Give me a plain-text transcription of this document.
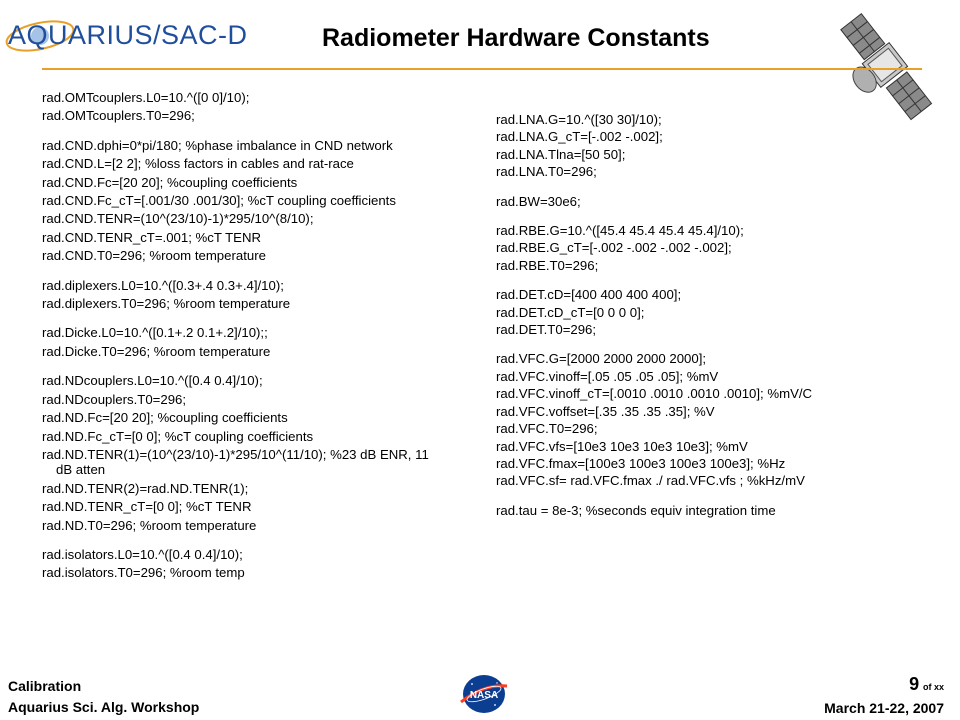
AQUARIUS/SAC-D	Radiometer Hardware Constants
rad.OMTcouplers.L0=10.^([0 0]/10);
rad.OMTcouplers.T0=296;
rad.CND.dphi=0*pi/180; %phase imbalance in CND network
rad.CND.L=[2 2]; %loss factors in cables and rat-race
rad.CND.Fc=[20 20]; %coupling coefficients
rad.CND.Fc_cT=[.001/30 .001/30]; %cT coupling coefficients
rad.CND.TENR=(10^(23/10)-1)*295/10^(8/10);
rad.CND.TENR_cT=.001; %cT TENR
rad.CND.T0=296; %room temperature
rad.diplexers.L0=10.^([0.3+.4 0.3+.4]/10);
rad.diplexers.T0=296; %room temperature
rad.Dicke.L0=10.^([0.1+.2 0.1+.2]/10);;
rad.Dicke.T0=296; %room temperature
rad.NDcouplers.L0=10.^([0.4 0.4]/10);
rad.NDcouplers.T0=296;
rad.ND.Fc=[20 20]; %coupling coefficients
rad.ND.Fc_cT=[0 0]; %cT coupling coefficients
rad.ND.TENR(1)=(10^(23/10)-1)*295/10^(11/10); %23 dB ENR, 11 dB atten
rad.ND.TENR(2)=rad.ND.TENR(1);
rad.ND.TENR_cT=[0 0]; %cT TENR
rad.ND.T0=296; %room temperature
rad.isolators.L0=10.^([0.4 0.4]/10);
rad.isolators.T0=296; %room temp
rad.LNA.G=10.^([30 30]/10);
rad.LNA.G_cT=[-.002 -.002];
rad.LNA.Tlna=[50 50];
rad.LNA.T0=296;
rad.BW=30e6;
rad.RBE.G=10.^([45.4 45.4 45.4 45.4]/10);
rad.RBE.G_cT=[-.002 -.002 -.002 -.002];
rad.RBE.T0=296;
rad.DET.cD=[400 400 400 400];
rad.DET.cD_cT=[0 0 0 0];
rad.DET.T0=296;
rad.VFC.G=[2000 2000 2000 2000];
rad.VFC.vinoff=[.05 .05 .05 .05]; %mV
rad.VFC.vinoff_cT=[.0010 .0010 .0010 .0010]; %mV/C
rad.VFC.voffset=[.35 .35 .35 .35]; %V
rad.VFC.T0=296;
rad.VFC.vfs=[10e3 10e3 10e3 10e3]; %mV
rad.VFC.fmax=[100e3 100e3 100e3 100e3]; %Hz
rad.VFC.sf= rad.VFC.fmax ./ rad.VFC.vfs ; %kHz/mV
rad.tau = 8e-3; %seconds equiv integration time
Calibration
Aquarius Sci. Alg. Workshop
NASA
9 of xx
March 21-22, 2007
